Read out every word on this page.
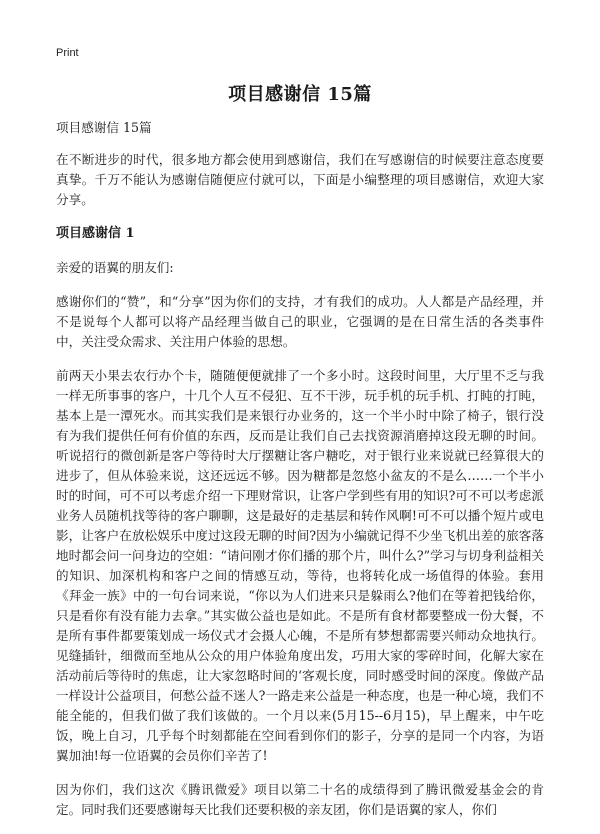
Print
项目感谢信 15篇

项目感谢信 15篇

在不断进步的时代，很多地方都会使用到感谢信，我们在写感谢信的时候要注意态度要真挚。千万不能认为感谢信随便应付就可以，下面是小编整理的项目感谢信，欢迎大家分享。

项目感谢信 1

亲爱的语翼的朋友们:

感谢你们的“赞”，和“分享”因为你们的支持，才有我们的成功。人人都是产品经理，并不是说每个人都可以将产品经理当做自己的职业，它强调的是在日常生活的各类事件中，关注受众需求、关注用户体验的思想。

前两天小果去农行办个卡，随随便便就排了一个多小时。这段时间里，大厅里不乏与我一样无所事事的客户，十几个人互不侵犯、互不干涉，玩手机的玩手机、打盹的打盹，基本上是一潭死水。而其实我们是来银行办业务的，这一个半小时中除了椅子，银行没有为我们提供任何有价值的东西，反而是让我们自己去找资源消磨掉这段无聊的时间。听说招行的微创新是客户等待时大厅摆糖让客户糖吃，对于银行业来说就已经算很大的进步了，但从体验来说，这还远远不够。因为糖都是忽悠小盆友的不是么……一个半小时的时间，可不可以考虑介绍一下理财常识，让客户学到些有用的知识?可不可以考虑派业务人员随机找等待的客户聊聊，这是最好的走基层和转作风啊!可不可以播个短片或电影，让客户在放松娱乐中度过这段无聊的时间?因为小编就记得不少坐飞机出差的旅客落地时都会问一问身边的空姐：“请问刚才你们播的那个片，叫什么?”学习与切身利益相关的知识、加深机构和客户之间的情感互动，等待，也将转化成一场值得的体验。套用《拜金一族》中的一句台词来说，“你以为人们进来只是躲雨么?他们在等着把钱给你，只是看你有没有能力去拿。”其实做公益也是如此。不是所有食材都要整成一份大餐，不是所有事件都要策划成一场仪式才会摄人心魄，不是所有梦想都需要兴师动众地执行。见缝插针，细微而至地从公众的用户体验角度出发，巧用大家的零碎时间，化解大家在活动前后等待时的焦虑，让大家忽略时间的‘客观长度，同时感受时间的深度。像做产品一样设计公益项目，何愁公益不迷人?一路走来公益是一种态度，也是一种心境，我们不能全能的，但我们做了我们该做的。一个月以来(5月15--6月15)，早上醒来，中午吃饭，晚上自习，几乎每个时刻都能在空间看到你们的影子，分享的是同一个内容，为语翼加油!每一位语翼的会员你们辛苦了!

因为你们，我们这次《腾讯微爱》项目以第二十名的成绩得到了腾讯微爱基金会的肯定。同时我们还要感谢每天比我们还要积极的亲友团，你们是语翼的家人，你们
